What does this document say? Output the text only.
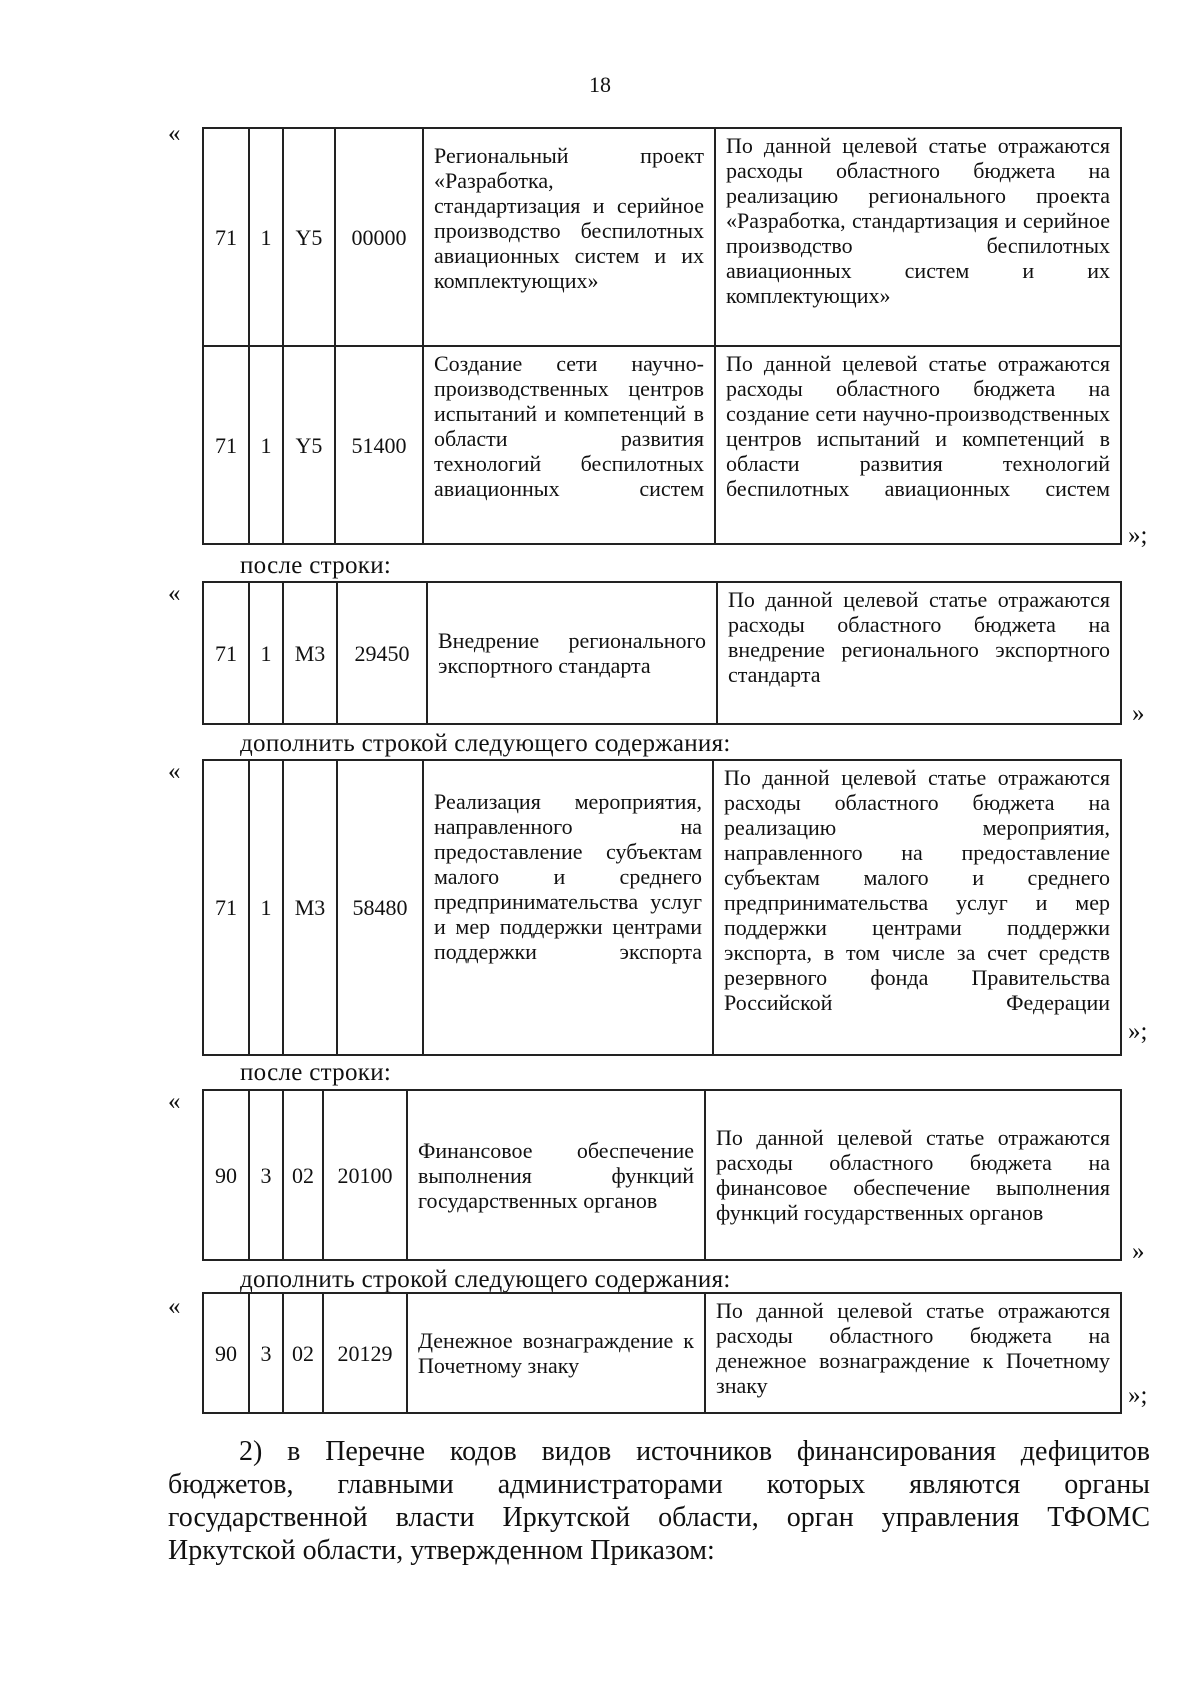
18
«
71	1	Y5	00000	Региональный проект «Разработка, стандартизация и серийное производство беспилотных авиационных систем и их комплектующих»	По данной целевой статье отражаются расходы областного бюджета на реализацию регионального проекта «Разработка, стандартизация и серийное производство беспилотных авиационных систем и их комплектующих»
71	1	Y5	51400	Создание сети научно-производственных центров испытаний и компетенций в области развития технологий беспилотных авиационных систем	По данной целевой статье отражаются расходы областного бюджета на создание сети научно-производственных центров испытаний и компетенций в области развития технологий беспилотных авиационных систем
»;
после строки:
«
71	1	M3	29450	Внедрение регионального экспортного стандарта	По данной целевой статье отражаются расходы областного бюджета на внедрение регионального экспортного стандарта
»
дополнить строкой следующего содержания:
«
71	1	M3	58480	Реализация мероприятия, направленного на предоставление субъектам малого и среднего предпринимательства услуг и мер поддержки центрами поддержки экспорта	По данной целевой статье отражаются расходы областного бюджета на реализацию мероприятия, направленного на предоставление субъектам малого и среднего предпринимательства услуг и мер поддержки центрами поддержки экспорта, в том числе за счет средств резервного фонда Правительства Российской Федерации
»;
после строки:
«
90	3	02	20100	Финансовое обеспечение выполнения функций государственных органов	По данной целевой статье отражаются расходы областного бюджета на финансовое обеспечение выполнения функций государственных органов
»
дополнить строкой следующего содержания:
«
90	3	02	20129	Денежное вознаграждение к Почетному знаку	По данной целевой статье отражаются расходы областного бюджета на денежное вознаграждение к Почетному знаку	»;

2) в Перечне кодов видов источников финансирования дефицитов бюджетов, главными администраторами которых являются органы государственной власти Иркутской области, орган управления ТФОМС Иркутской области, утвержденном Приказом:
